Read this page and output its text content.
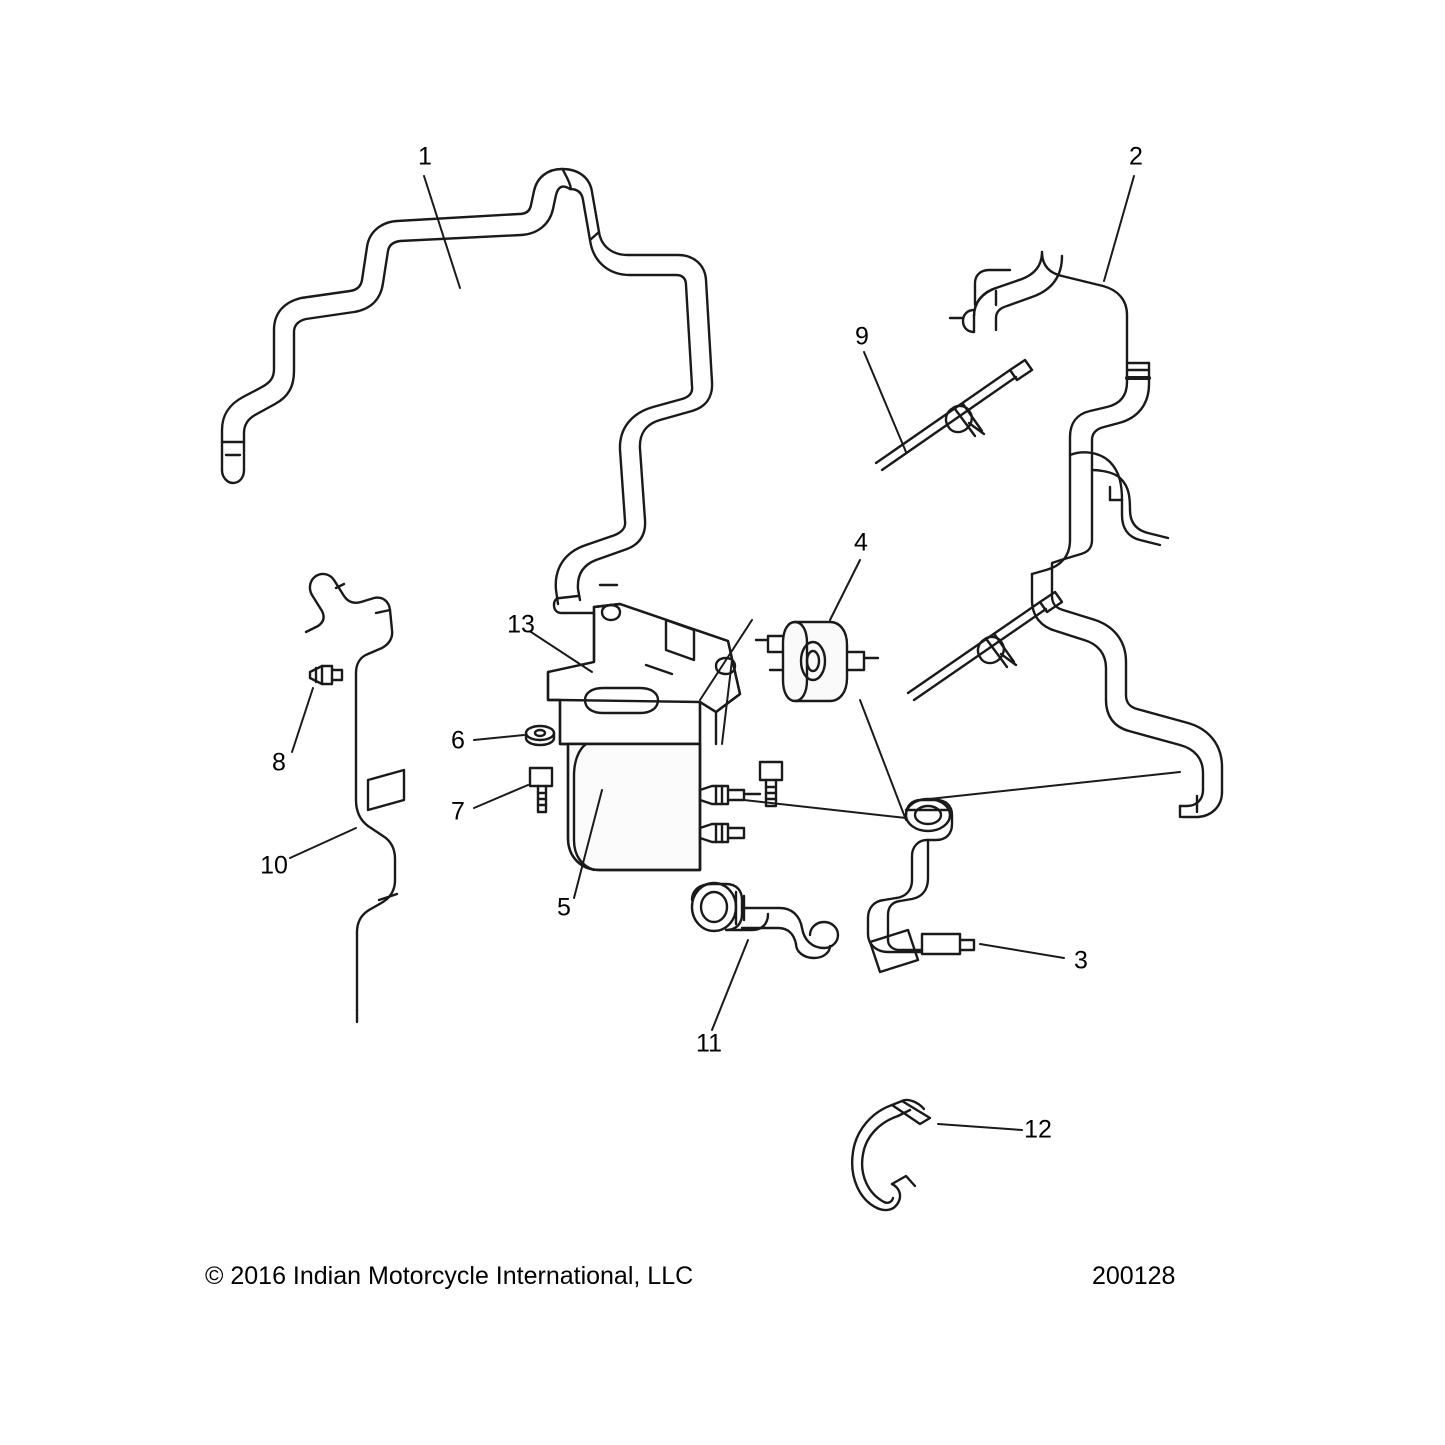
1	2
9
4
13
6
8
7
10
5
3
11
12
© 2016 Indian Motorcycle International, LLC	200128
